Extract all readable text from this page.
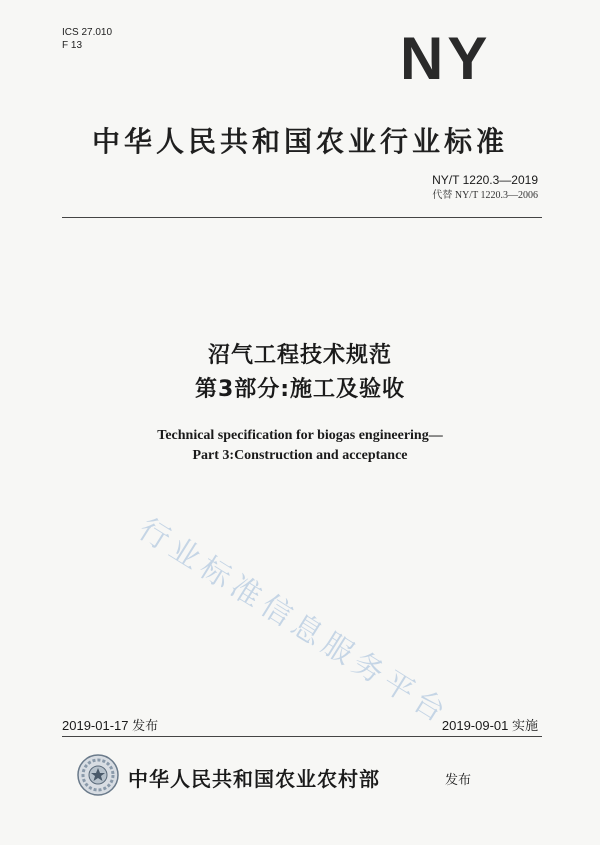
ICS 27.010
F 13	NY
中华人民共和国农业行业标准
NY/T 1220.3—2019
代替 NY/T 1220.3—2006
沼气工程技术规范
第3部分:施工及验收
Technical specification for biogas engineering—
Part 3:Construction and acceptance
行业标准信息服务平台
2019-01-17 发布	2019-09-01 实施
中华人民共和国农业农村部	发布
